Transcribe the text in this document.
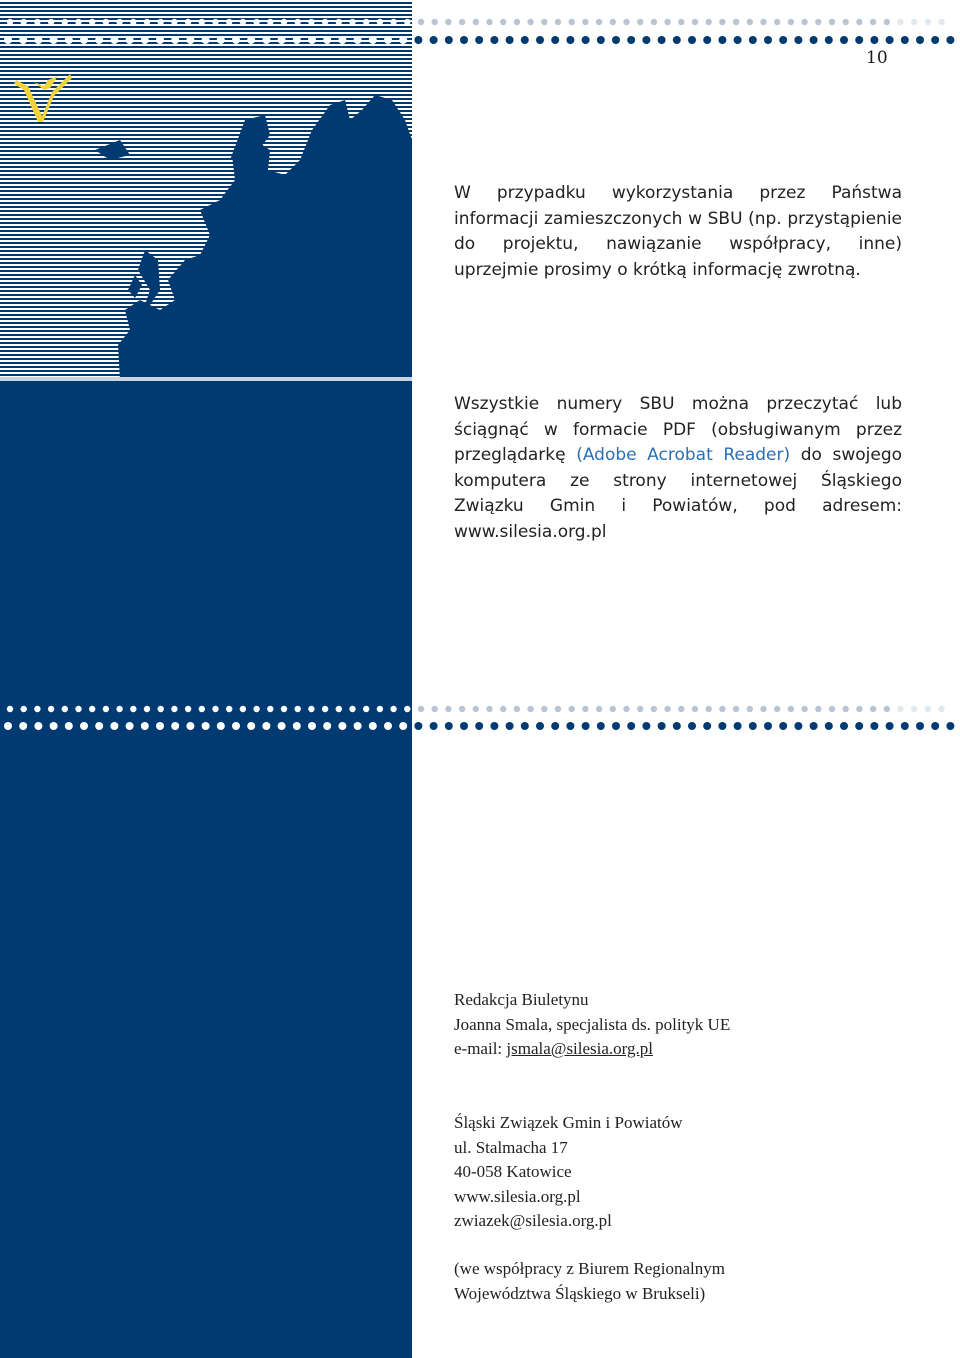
10
W przypadku wykorzystania przez Państwa informacji zamieszczonych w SBU (np. przystąpienie do projektu, nawiązanie współpracy, inne) uprzejmie prosimy o krótką informację zwrotną.
Wszystkie numery SBU można przeczytać lub ściągnąć w formacie PDF (obsługiwanym przez przeglądarkę (Adobe Acrobat Reader) do swojego komputera ze strony internetowej Śląskiego Związku Gmin i Powiatów, pod adresem: www.silesia.org.pl
Redakcja Biuletynu
Joanna Smala, specjalista ds. polityk UE
e-mail: jsmala@silesia.org.pl
Śląski Związek Gmin i Powiatów
ul. Stalmacha 17
40-058 Katowice
www.silesia.org.pl
zwiazek@silesia.org.pl
(we współpracy z Biurem Regionalnym
Województwa Śląskiego w Brukseli)
